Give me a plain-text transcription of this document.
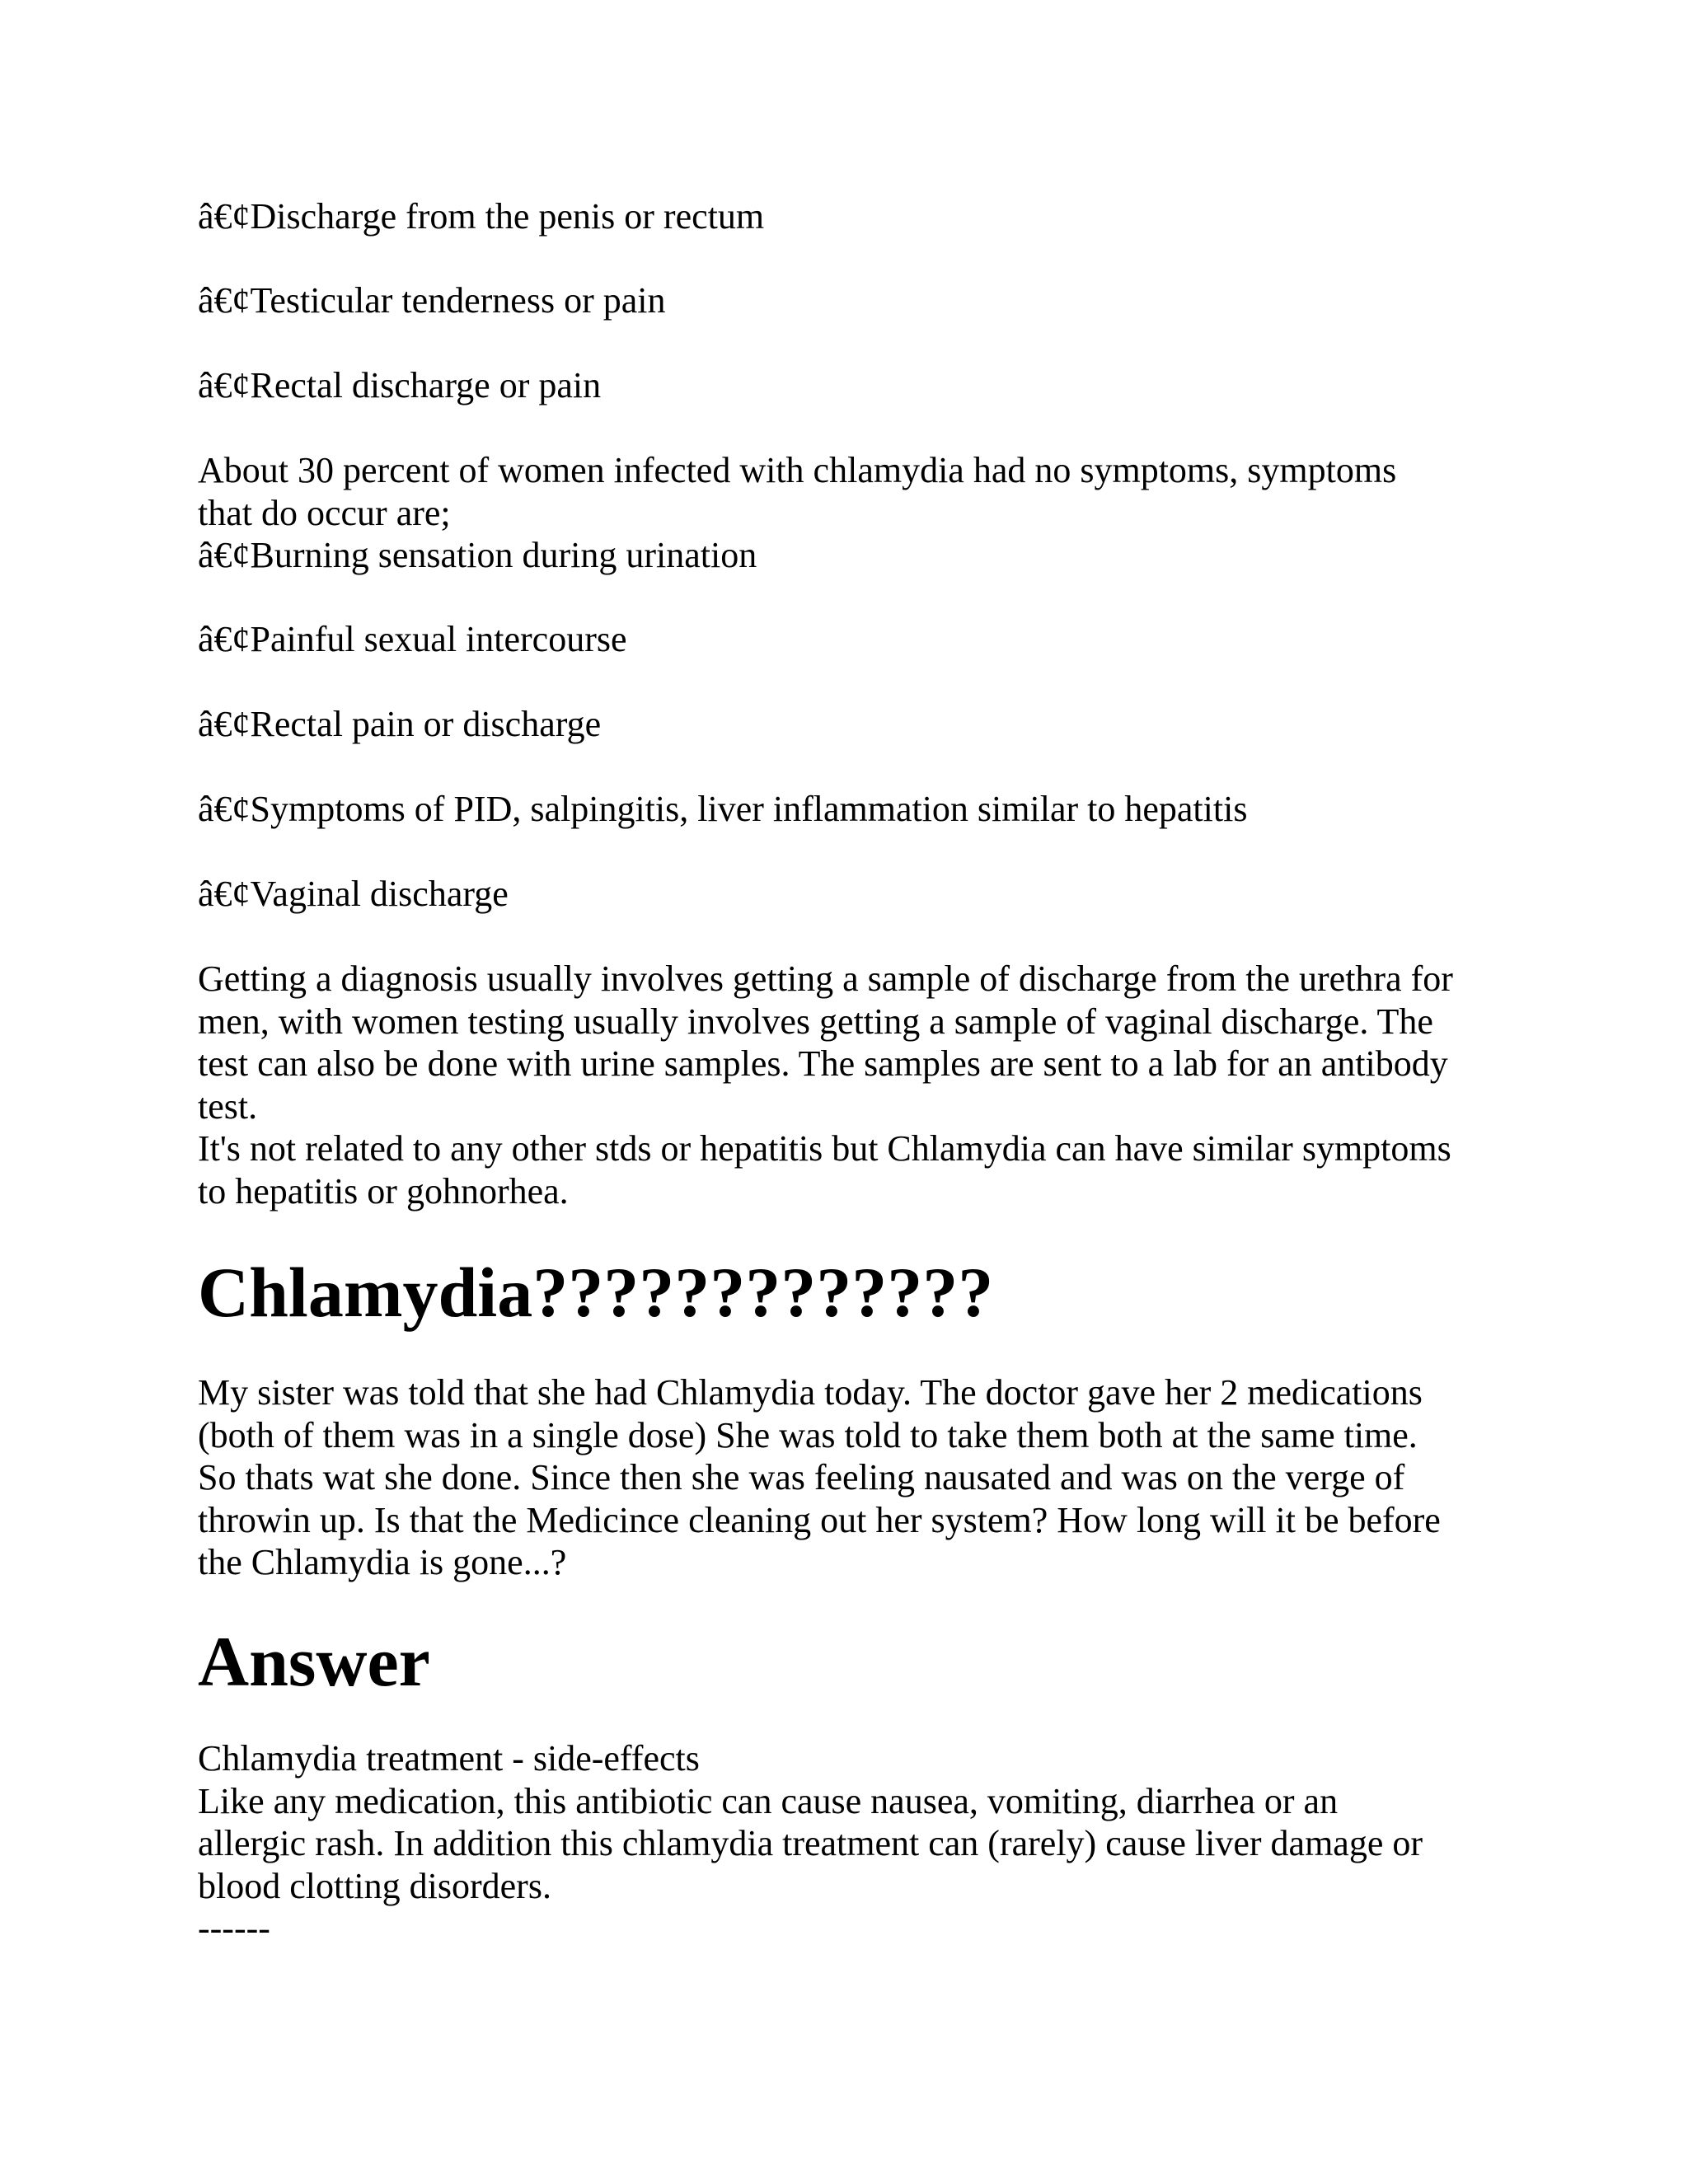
â€¢Discharge from the penis or rectum
â€¢Testicular tenderness or pain
â€¢Rectal discharge or pain
About 30 percent of women infected with chlamydia had no symptoms, symptoms
that do occur are;
â€¢Burning sensation during urination
â€¢Painful sexual intercourse
â€¢Rectal pain or discharge
â€¢Symptoms of PID, salpingitis, liver inflammation similar to hepatitis
â€¢Vaginal discharge
Getting a diagnosis usually involves getting a sample of discharge from the urethra for
men, with women testing usually involves getting a sample of vaginal discharge. The
test can also be done with urine samples. The samples are sent to a lab for an antibody
test.
It's not related to any other stds or hepatitis but Chlamydia can have similar symptoms
to hepatitis or gohnorhea.
Chlamydia?????????????
My sister was told that she had Chlamydia today. The doctor gave her 2 medications
(both of them was in a single dose) She was told to take them both at the same time.
So thats wat she done. Since then she was feeling nausated and was on the verge of
throwin up. Is that the Medicince cleaning out her system? How long will it be before
the Chlamydia is gone...?
Answer
Chlamydia treatment - side-effects
Like any medication, this antibiotic can cause nausea, vomiting, diarrhea or an
allergic rash. In addition this chlamydia treatment can (rarely) cause liver damage or
blood clotting disorders.
------
